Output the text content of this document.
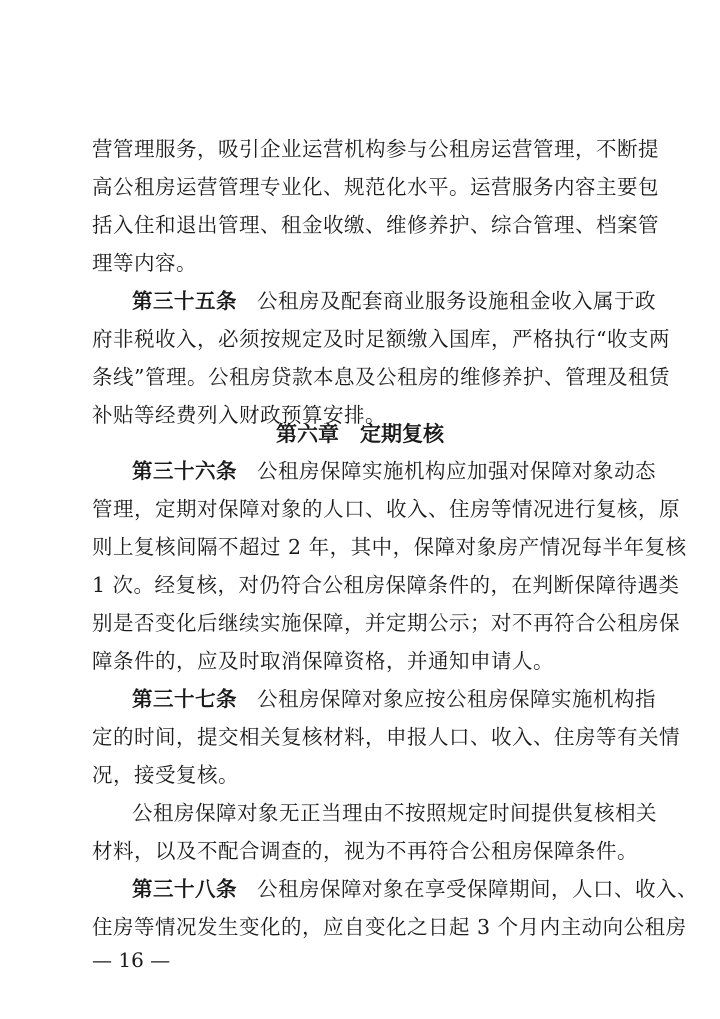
营管理服务，吸引企业运营机构参与公租房运营管理，不断提
高公租房运营管理专业化、规范化水平。运营服务内容主要包
括入住和退出管理、租金收缴、维修养护、综合管理、档案管
理等内容。
第三十五条 公租房及配套商业服务设施租金收入属于政
府非税收入，必须按规定及时足额缴入国库，严格执行“收支两
条线”管理。公租房贷款本息及公租房的维修养护、管理及租赁
补贴等经费列入财政预算安排。
第六章　定期复核
第三十六条 公租房保障实施机构应加强对保障对象动态
管理，定期对保障对象的人口、收入、住房等情况进行复核，原
则上复核间隔不超过 2 年，其中，保障对象房产情况每半年复核
1 次。经复核，对仍符合公租房保障条件的，在判断保障待遇类
别是否变化后继续实施保障，并定期公示；对不再符合公租房保
障条件的，应及时取消保障资格，并通知申请人。
第三十七条 公租房保障对象应按公租房保障实施机构指
定的时间，提交相关复核材料，申报人口、收入、住房等有关情
况，接受复核。
公租房保障对象无正当理由不按照规定时间提供复核相关
材料，以及不配合调查的，视为不再符合公租房保障条件。
第三十八条 公租房保障对象在享受保障期间，人口、收入、
住房等情况发生变化的，应自变化之日起 3 个月内主动向公租房
— 16 —
